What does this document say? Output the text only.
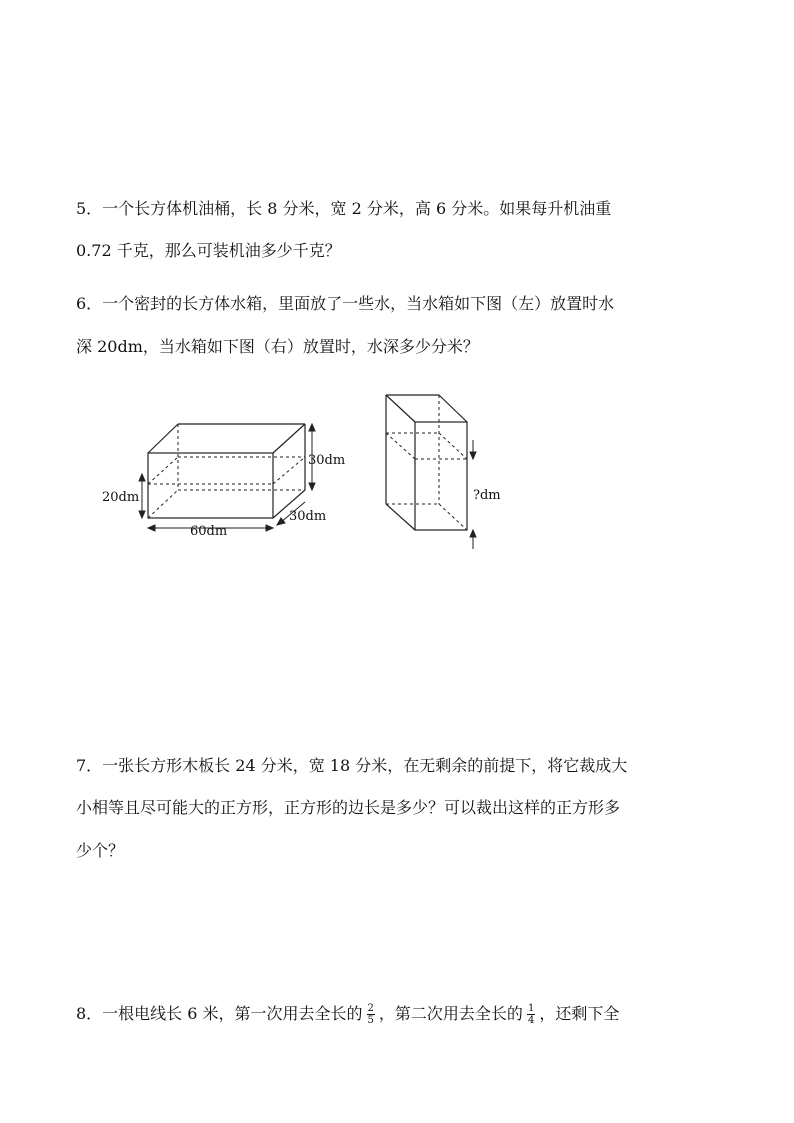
5．一个长方体机油桶，长 8 分米，宽 2 分米，高 6 分米。如果每升机油重
0.72 千克，那么可装机油多少千克？
6．一个密封的长方体水箱，里面放了一些水，当水箱如下图（左）放置时水
深 20dm，当水箱如下图（右）放置时，水深多少分米？
30dm
20dm
60dm
30dm
?dm
7．一张长方形木板长 24 分米，宽 18 分米，在无剩余的前提下，将它裁成大
小相等且尽可能大的正方形，正方形的边长是多少？可以裁出这样的正方形多
少个？
8．一根电线长 6 米，第一次用去全长的 $\frac{2}{5}$ ，第二次用去全长的 $\frac{1}{4}$ ，还剩下全
